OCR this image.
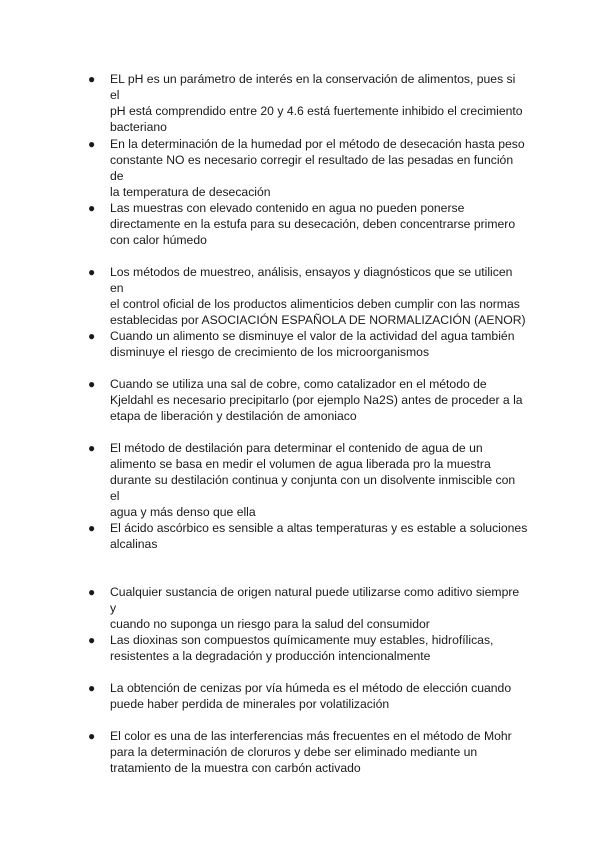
●	EL pH es un parámetro de interés en la conservación de alimentos, pues si el
pH está comprendido entre 20 y 4.6 está fuertemente inhibido el crecimiento
bacteriano
●	En la determinación de la humedad por el método de desecación hasta peso
constante NO es necesario corregir el resultado de las pesadas en función de
la temperatura de desecación
●	Las muestras con elevado contenido en agua no pueden ponerse
directamente en la estufa para su desecación, deben concentrarse primero
con calor húmedo
●	Los métodos de muestreo, análisis, ensayos y diagnósticos que se utilicen en
el control oficial de los productos alimenticios deben cumplir con las normas
establecidas por ASOCIACIÓN ESPAÑOLA DE NORMALIZACIÓN (AENOR)
●	Cuando un alimento se disminuye el valor de la actividad del agua también
disminuye el riesgo de crecimiento de los microorganismos
●	Cuando se utiliza una sal de cobre, como catalizador en el método de
Kjeldahl es necesario precipitarlo (por ejemplo Na2S) antes de proceder a la
etapa de liberación y destilación de amoniaco
●	El método de destilación para determinar el contenido de agua de un
alimento se basa en medir el volumen de agua liberada pro la muestra
durante su destilación continua y conjunta con un disolvente inmiscible con el
agua y más denso que ella
●	El ácido ascórbico es sensible a altas temperaturas y es estable a soluciones
alcalinas
●	Cualquier sustancia de origen natural puede utilizarse como aditivo siempre y
cuando no suponga un riesgo para la salud del consumidor
●	Las dioxinas son compuestos químicamente muy estables, hidrofílicas,
resistentes a la degradación y producción intencionalmente
●	La obtención de cenizas por vía húmeda es el método de elección cuando
puede haber perdida de minerales por volatilización
●	El color es una de las interferencias más frecuentes en el método de Mohr
para la determinación de cloruros y debe ser eliminado mediante un
tratamiento de la muestra con carbón activado
